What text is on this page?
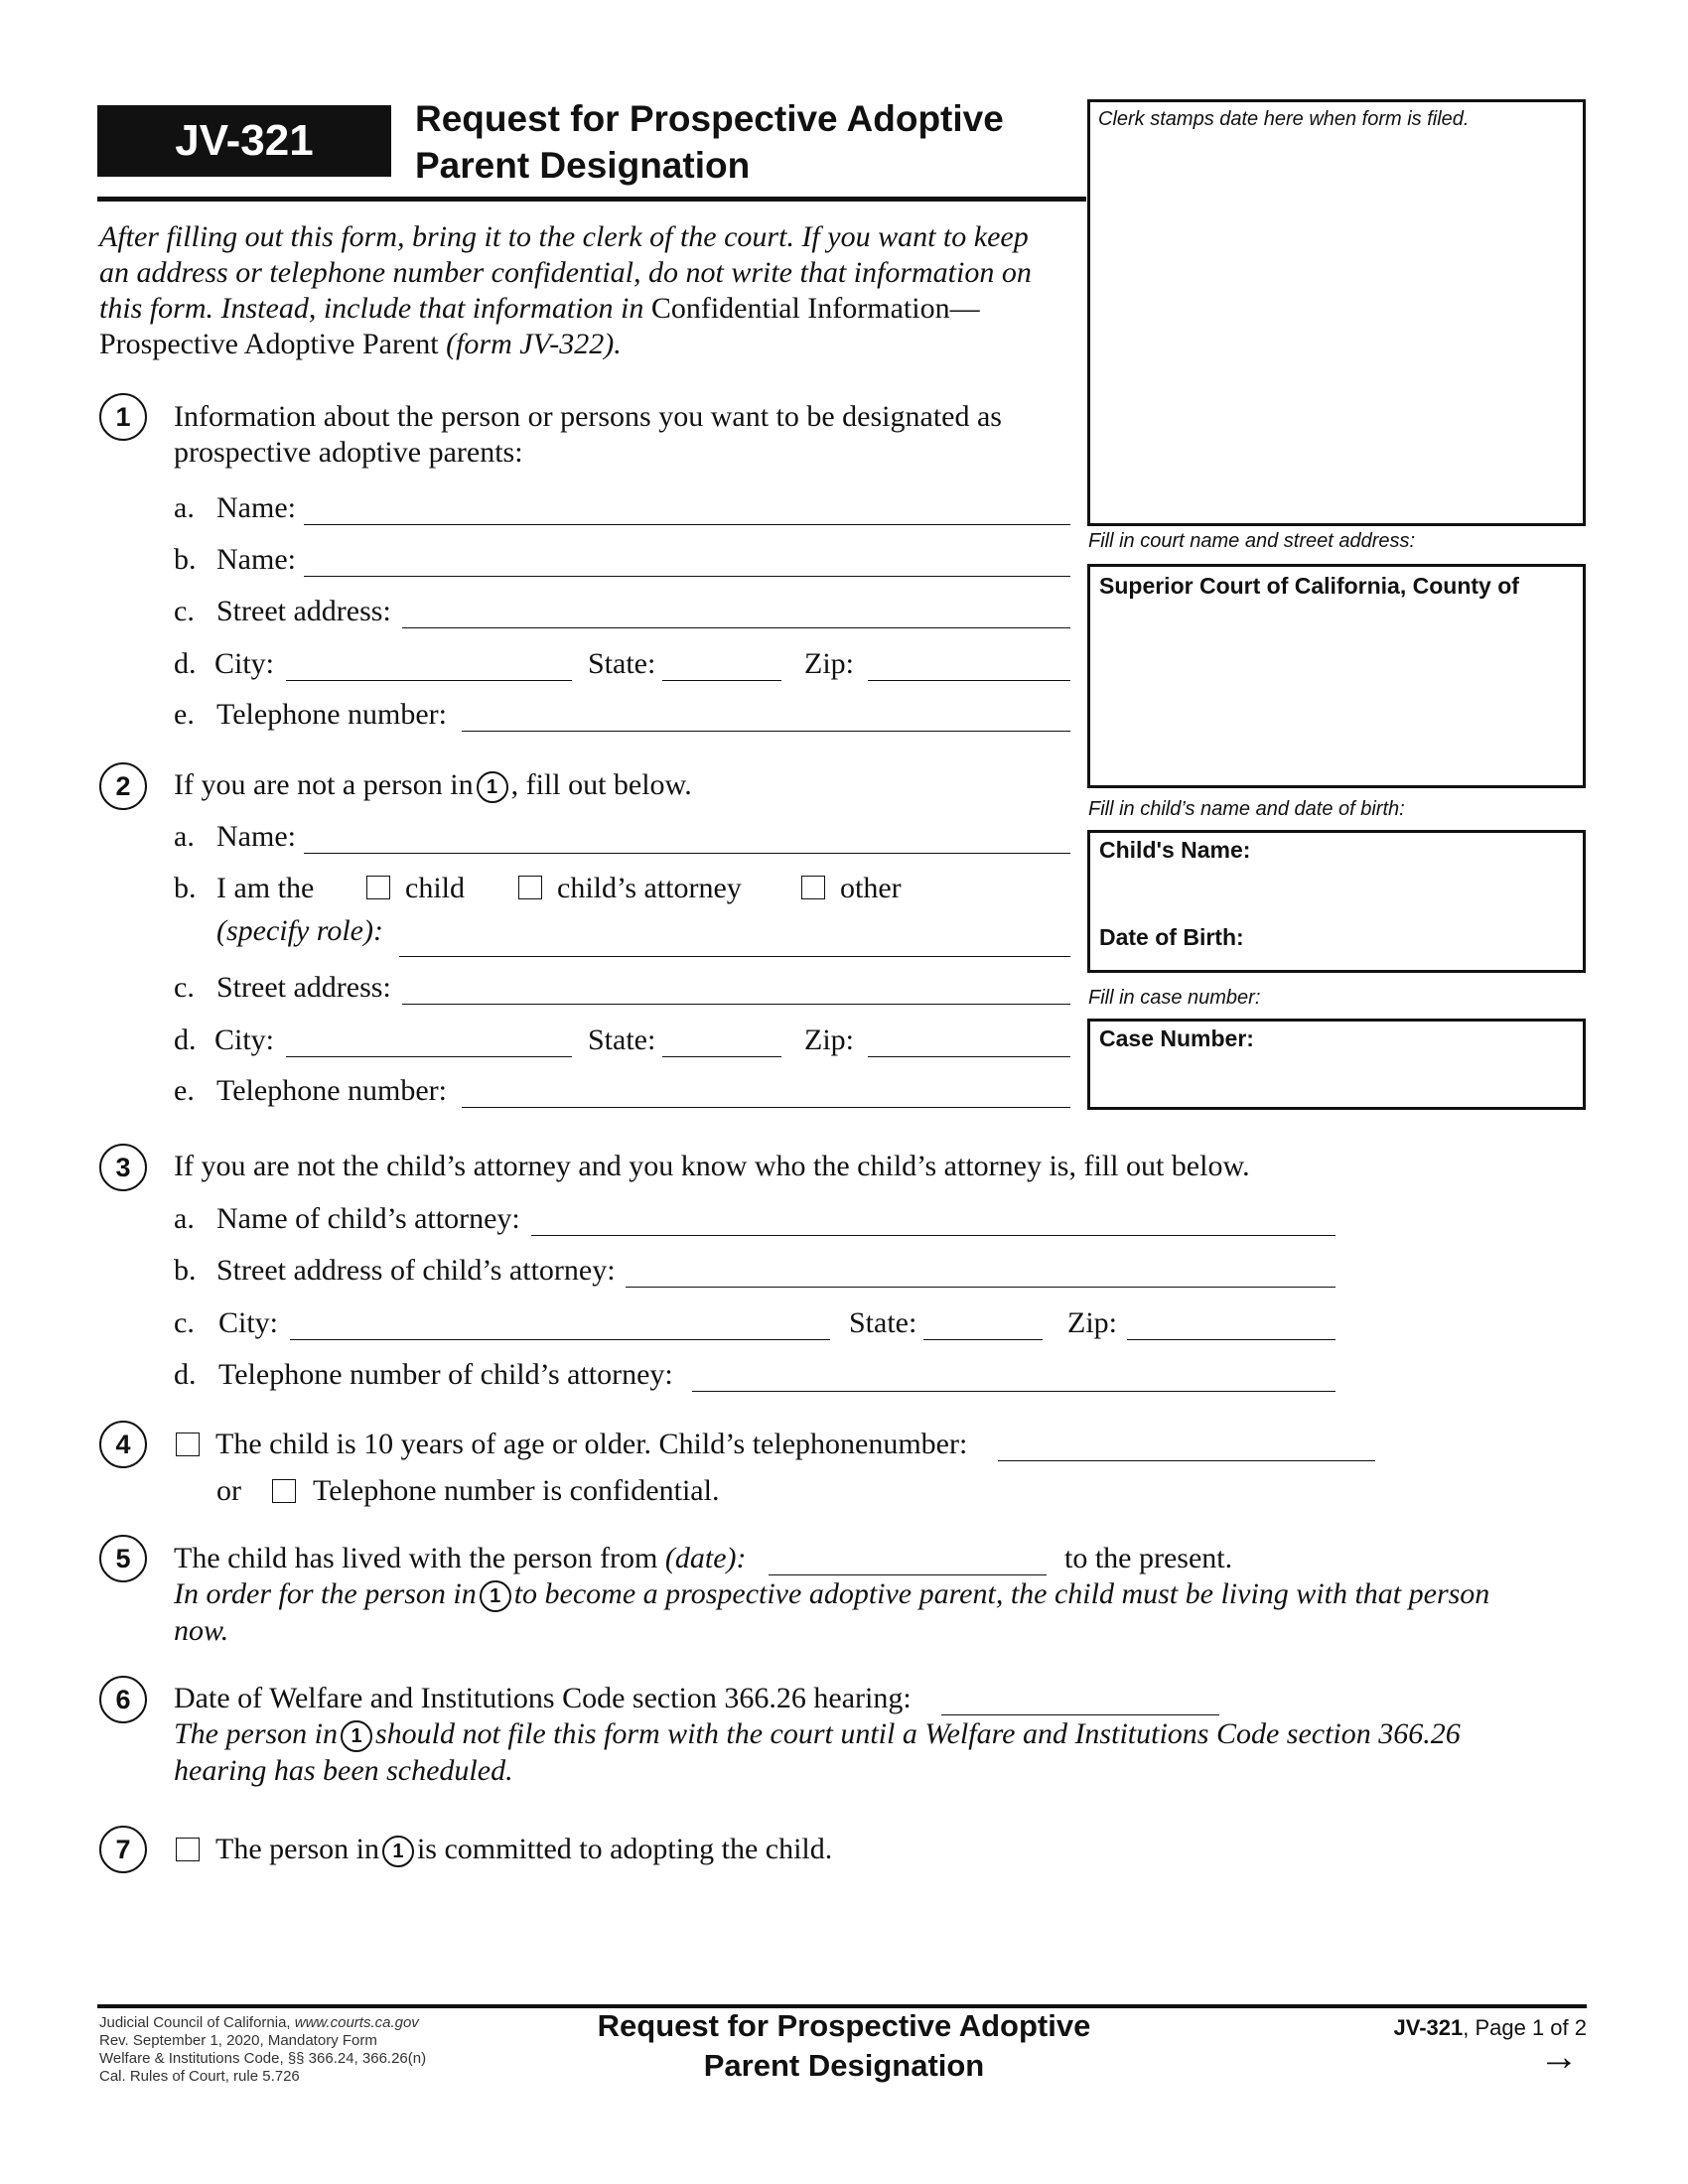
JV-321	Request for Prospective Adoptive
Parent Designation
After filling out this form, bring it to the clerk of the court. If you want to keep
an address or telephone number confidential, do not write that information on
this form. Instead, include that information in Confidential Information—
Prospective Adoptive Parent (form JV-322).
Clerk stamps date here when form is filed.
Fill in court name and street address:
Superior Court of California, County of
Fill in child’s name and date of birth:
Child's Name:
Date of Birth:
Fill in case number:
Case Number:
1	Information about the person or persons you want to be designated as
prospective adoptive parents:
a. Name:
b. Name:
c. Street address:
d. City:	State:	Zip:
e. Telephone number:
2	If you are not a person in 1 , fill out below.
a. Name:
b. I am the	child	child’s attorney	other
(specify role):
c. Street address:
d. City:	State:	Zip:
e. Telephone number:
3	If you are not the child’s attorney and you know who the child’s attorney is, fill out below.
a. Name of child’s attorney:
b. Street address of child’s attorney:
c. City:	State:	Zip:
d. Telephone number of child’s attorney:
4	The child is 10 years of age or older. Child’s telephonenumber:
or Telephone number is confidential.
5	The child has lived with the person from (date):	to the present.
In order for the person in 1 to become a prospective adoptive parent, the child must be living with that person
now.
6	Date of Welfare and Institutions Code section 366.26 hearing:
The person in 1 should not file this form with the court until a Welfare and Institutions Code section 366.26
hearing has been scheduled.
7	The person in 1 is committed to adopting the child.
Judicial Council of California, www.courts.ca.gov
Rev. September 1, 2020, Mandatory Form
Welfare & Institutions Code, §§ 366.24, 366.26(n)
Cal. Rules of Court, rule 5.726
Request for Prospective Adoptive
Parent Designation
JV-321, Page 1 of 2
→
